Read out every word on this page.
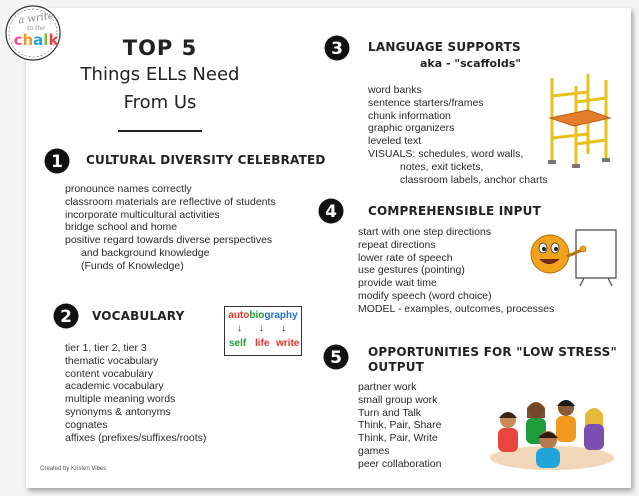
a write
to the
chalk	TOP 5
Things ELLs Need
From Us
1 CULTURAL DIVERSITY CELEBRATED
pronounce names correctly
classroom materials are reflective of students
incorporate multicultural activities
bridge school and home
positive regard towards diverse perspectives
and background knowledge
(Funds of Knowledge)
2 VOCABULARY
tier 1, tier 2, tier 3
thematic vocabulary
content vocabulary
academic vocabulary
multiple meaning words
synonyms & antonyms
cognates
affixes (prefixes/suffixes/roots)
autobiography
↓ ↓ ↓
self life write
3 LANGUAGE SUPPORTS
aka - "scaffolds"
word banks
sentence starters/frames
chunk information
graphic organizers
leveled text
VISUALS: schedules, word walls,
notes, exit tickets,
classroom labels, anchor charts
4	COMPREHENSIBLE INPUT
start with one step directions
repeat directions
lower rate of speech
use gestures (pointing)
provide wait time
modify speech (word choice)
MODEL - examples, outcomes, processes
5 OPPORTUNITIES FOR "LOW STRESS"
OUTPUT
partner work
small group work
Turn and Talk
Think, Pair, Share
Think, Pair, Write
games
peer collaboration
Created by Kristen Vibes
